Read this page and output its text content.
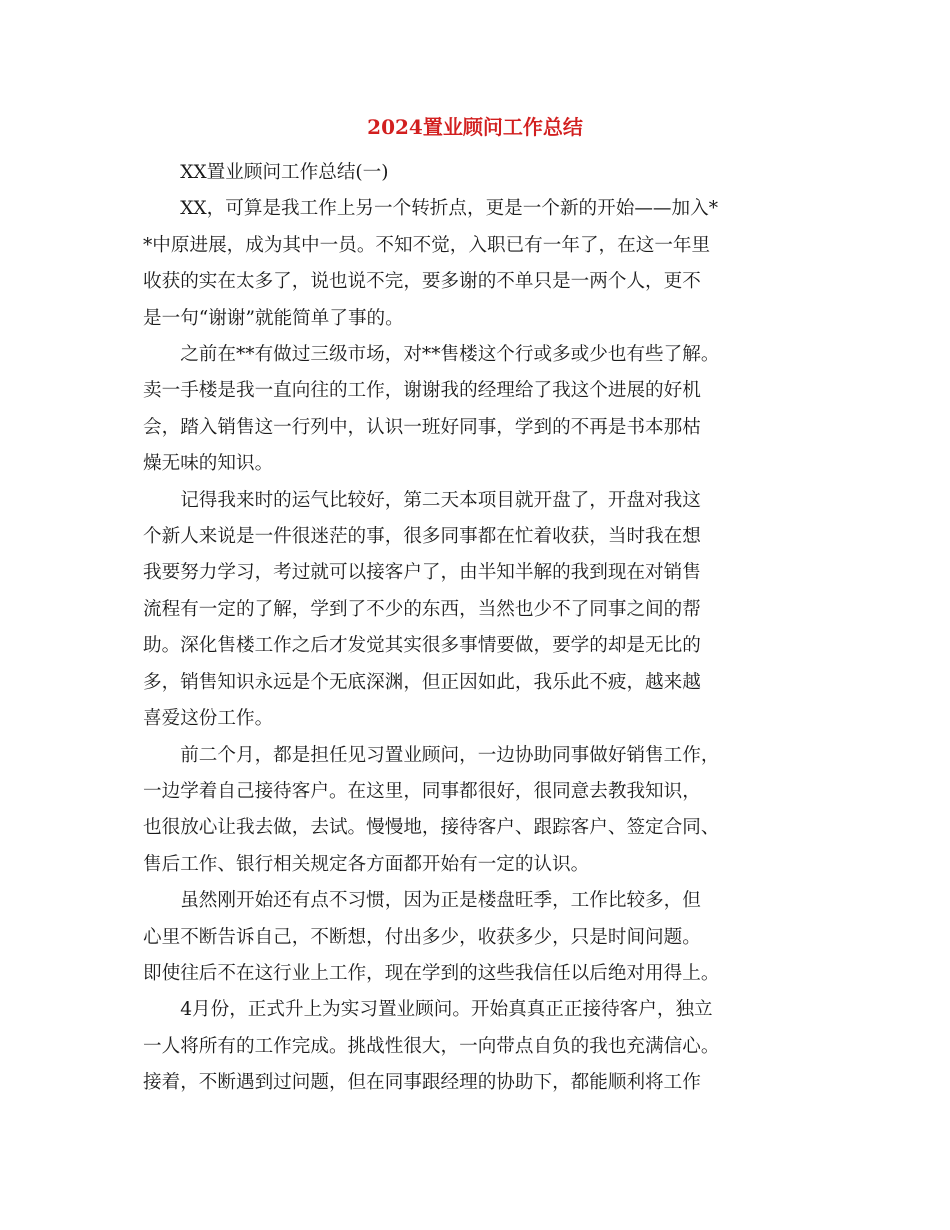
2024置业顾问工作总结

XX置业顾问工作总结(一)

XX，可算是我工作上另一个转折点，更是一个新的开始——加入*
*中原进展，成为其中一员。不知不觉，入职已有一年了，在这一年里
收获的实在太多了，说也说不完，要多谢的不单只是一两个人，更不
是一句“谢谢”就能简单了事的。

之前在**有做过三级市场，对**售楼这个行或多或少也有些了解。
卖一手楼是我一直向往的工作，谢谢我的经理给了我这个进展的好机
会，踏入销售这一行列中，认识一班好同事，学到的不再是书本那枯
燥无味的知识。

记得我来时的运气比较好，第二天本项目就开盘了，开盘对我这
个新人来说是一件很迷茫的事，很多同事都在忙着收获，当时我在想
我要努力学习，考过就可以接客户了，由半知半解的我到现在对销售
流程有一定的了解，学到了不少的东西，当然也少不了同事之间的帮
助。深化售楼工作之后才发觉其实很多事情要做，要学的却是无比的
多，销售知识永远是个无底深渊，但正因如此，我乐此不疲，越来越
喜爱这份工作。

前二个月，都是担任见习置业顾问，一边协助同事做好销售工作，
一边学着自己接待客户。在这里，同事都很好，很同意去教我知识，
也很放心让我去做，去试。慢慢地，接待客户、跟踪客户、签定合同、
售后工作、银行相关规定各方面都开始有一定的认识。

虽然刚开始还有点不习惯，因为正是楼盘旺季，工作比较多，但
心里不断告诉自己，不断想，付出多少，收获多少，只是时间问题。
即使往后不在这行业上工作，现在学到的这些我信任以后绝对用得上。

4月份，正式升上为实习置业顾问。开始真真正正接待客户，独立
一人将所有的工作完成。挑战性很大，一向带点自负的我也充满信心。
接着，不断遇到过问题，但在同事跟经理的协助下，都能顺利将工作
